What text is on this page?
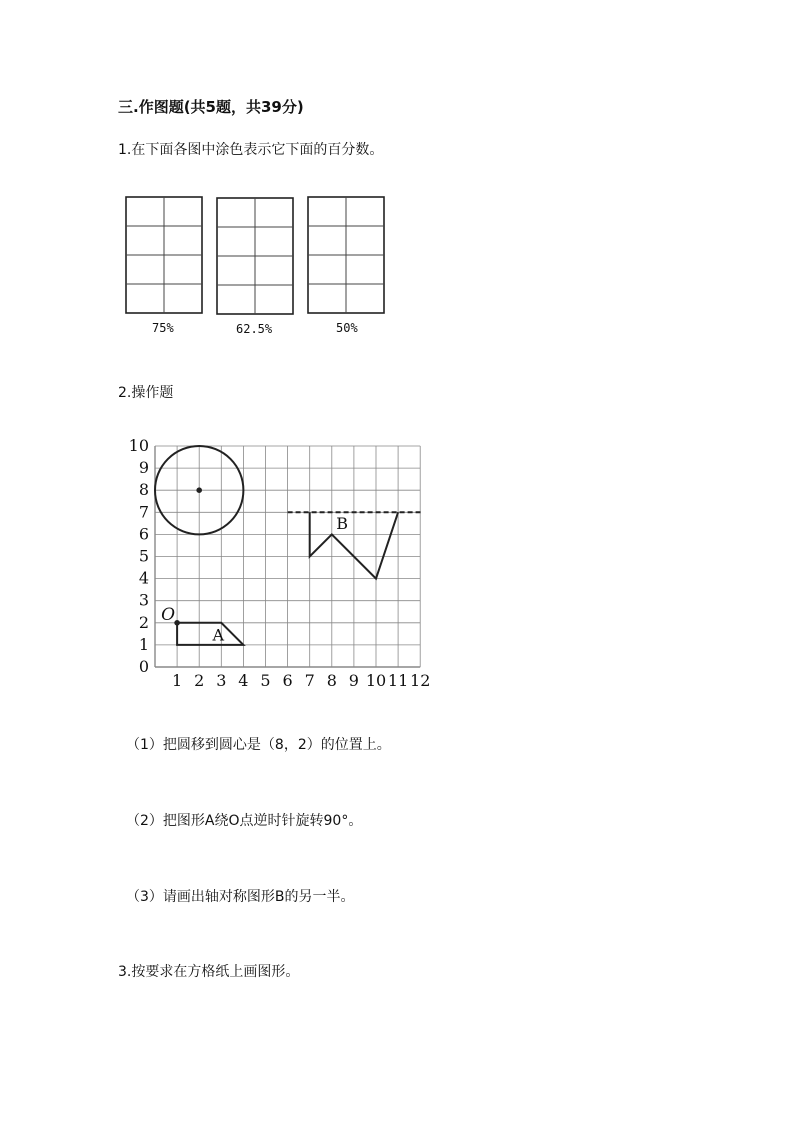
三.作图题(共5题，共39分)
1.在下面各图中涂色表示它下面的百分数。
75%	62.5%	50%
2.操作题
1 2 3 4 5 6 7 8 9 10 11 12
0
1
2
3
4
5
6
7
8
9
10
A
O
B
（1）把圆移到圆心是（8，2）的位置上。
（2）把图形A绕O点逆时针旋转90°。
（3）请画出轴对称图形B的另一半。
3.按要求在方格纸上画图形。
